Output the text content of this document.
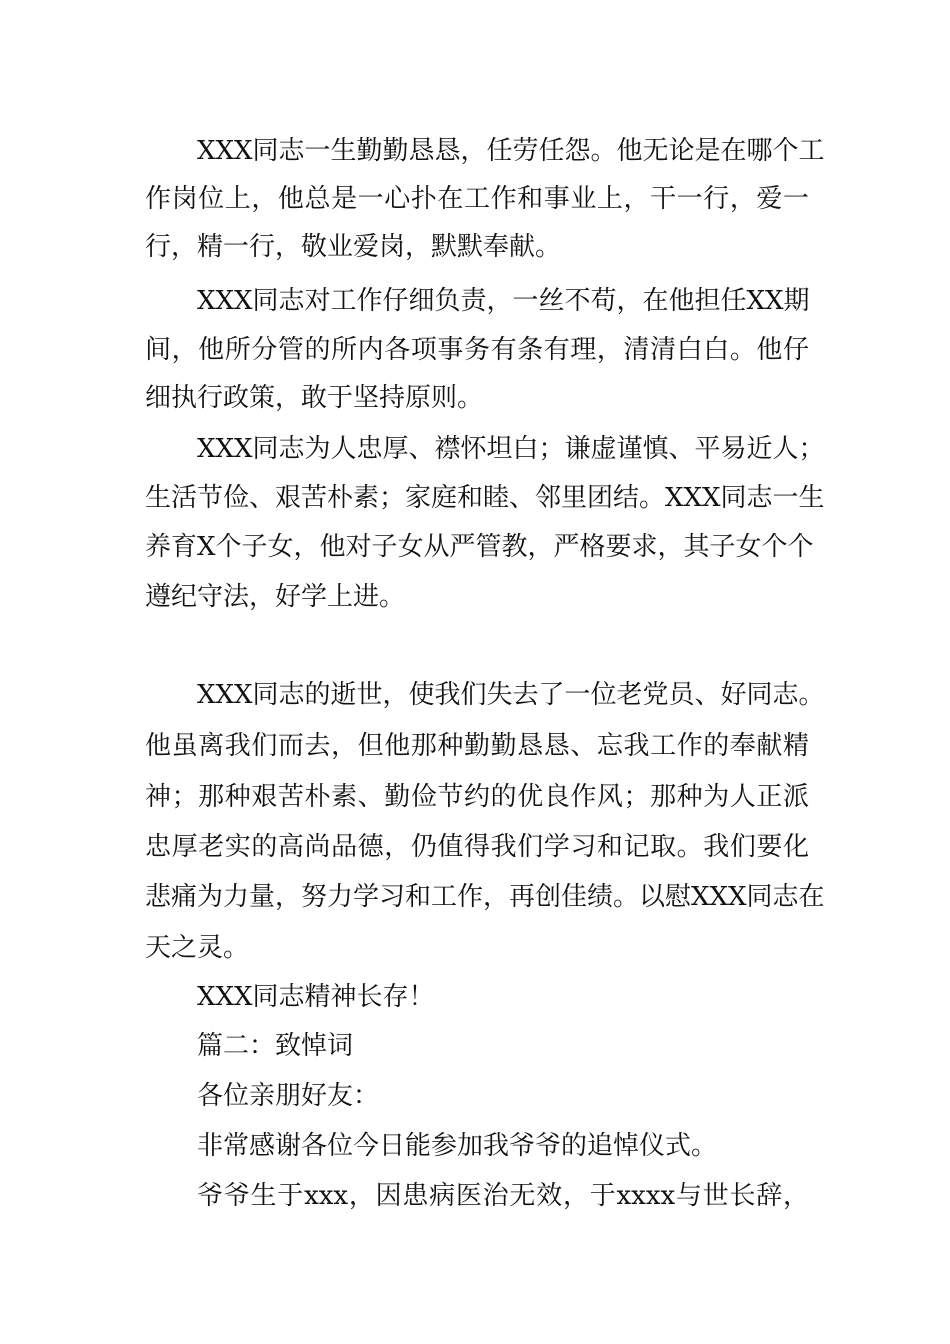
XXX同志一生勤勤恳恳，任劳任怨。他无论是在哪个工
作岗位上，他总是一心扑在工作和事业上，干一行，爱一
行，精一行，敬业爱岗，默默奉献。
XXX同志对工作仔细负责，一丝不苟，在他担任XX期
间，他所分管的所内各项事务有条有理，清清白白。他仔
细执行政策，敢于坚持原则。
XXX同志为人忠厚、襟怀坦白；谦虚谨慎、平易近人；
生活节俭、艰苦朴素；家庭和睦、邻里团结。XXX同志一生
养育X个子女，他对子女从严管教，严格要求，其子女个个
遵纪守法，好学上进。
XXX同志的逝世，使我们失去了一位老党员、好同志。
他虽离我们而去，但他那种勤勤恳恳、忘我工作的奉献精
神；那种艰苦朴素、勤俭节约的优良作风；那种为人正派
忠厚老实的高尚品德，仍值得我们学习和记取。我们要化
悲痛为力量，努力学习和工作，再创佳绩。以慰XXX同志在
天之灵。
XXX同志精神长存！
篇二：致悼词
各位亲朋好友：
非常感谢各位今日能参加我爷爷的追悼仪式。
爷爷生于xxx，因患病医治无效，于xxxx与世长辞，
